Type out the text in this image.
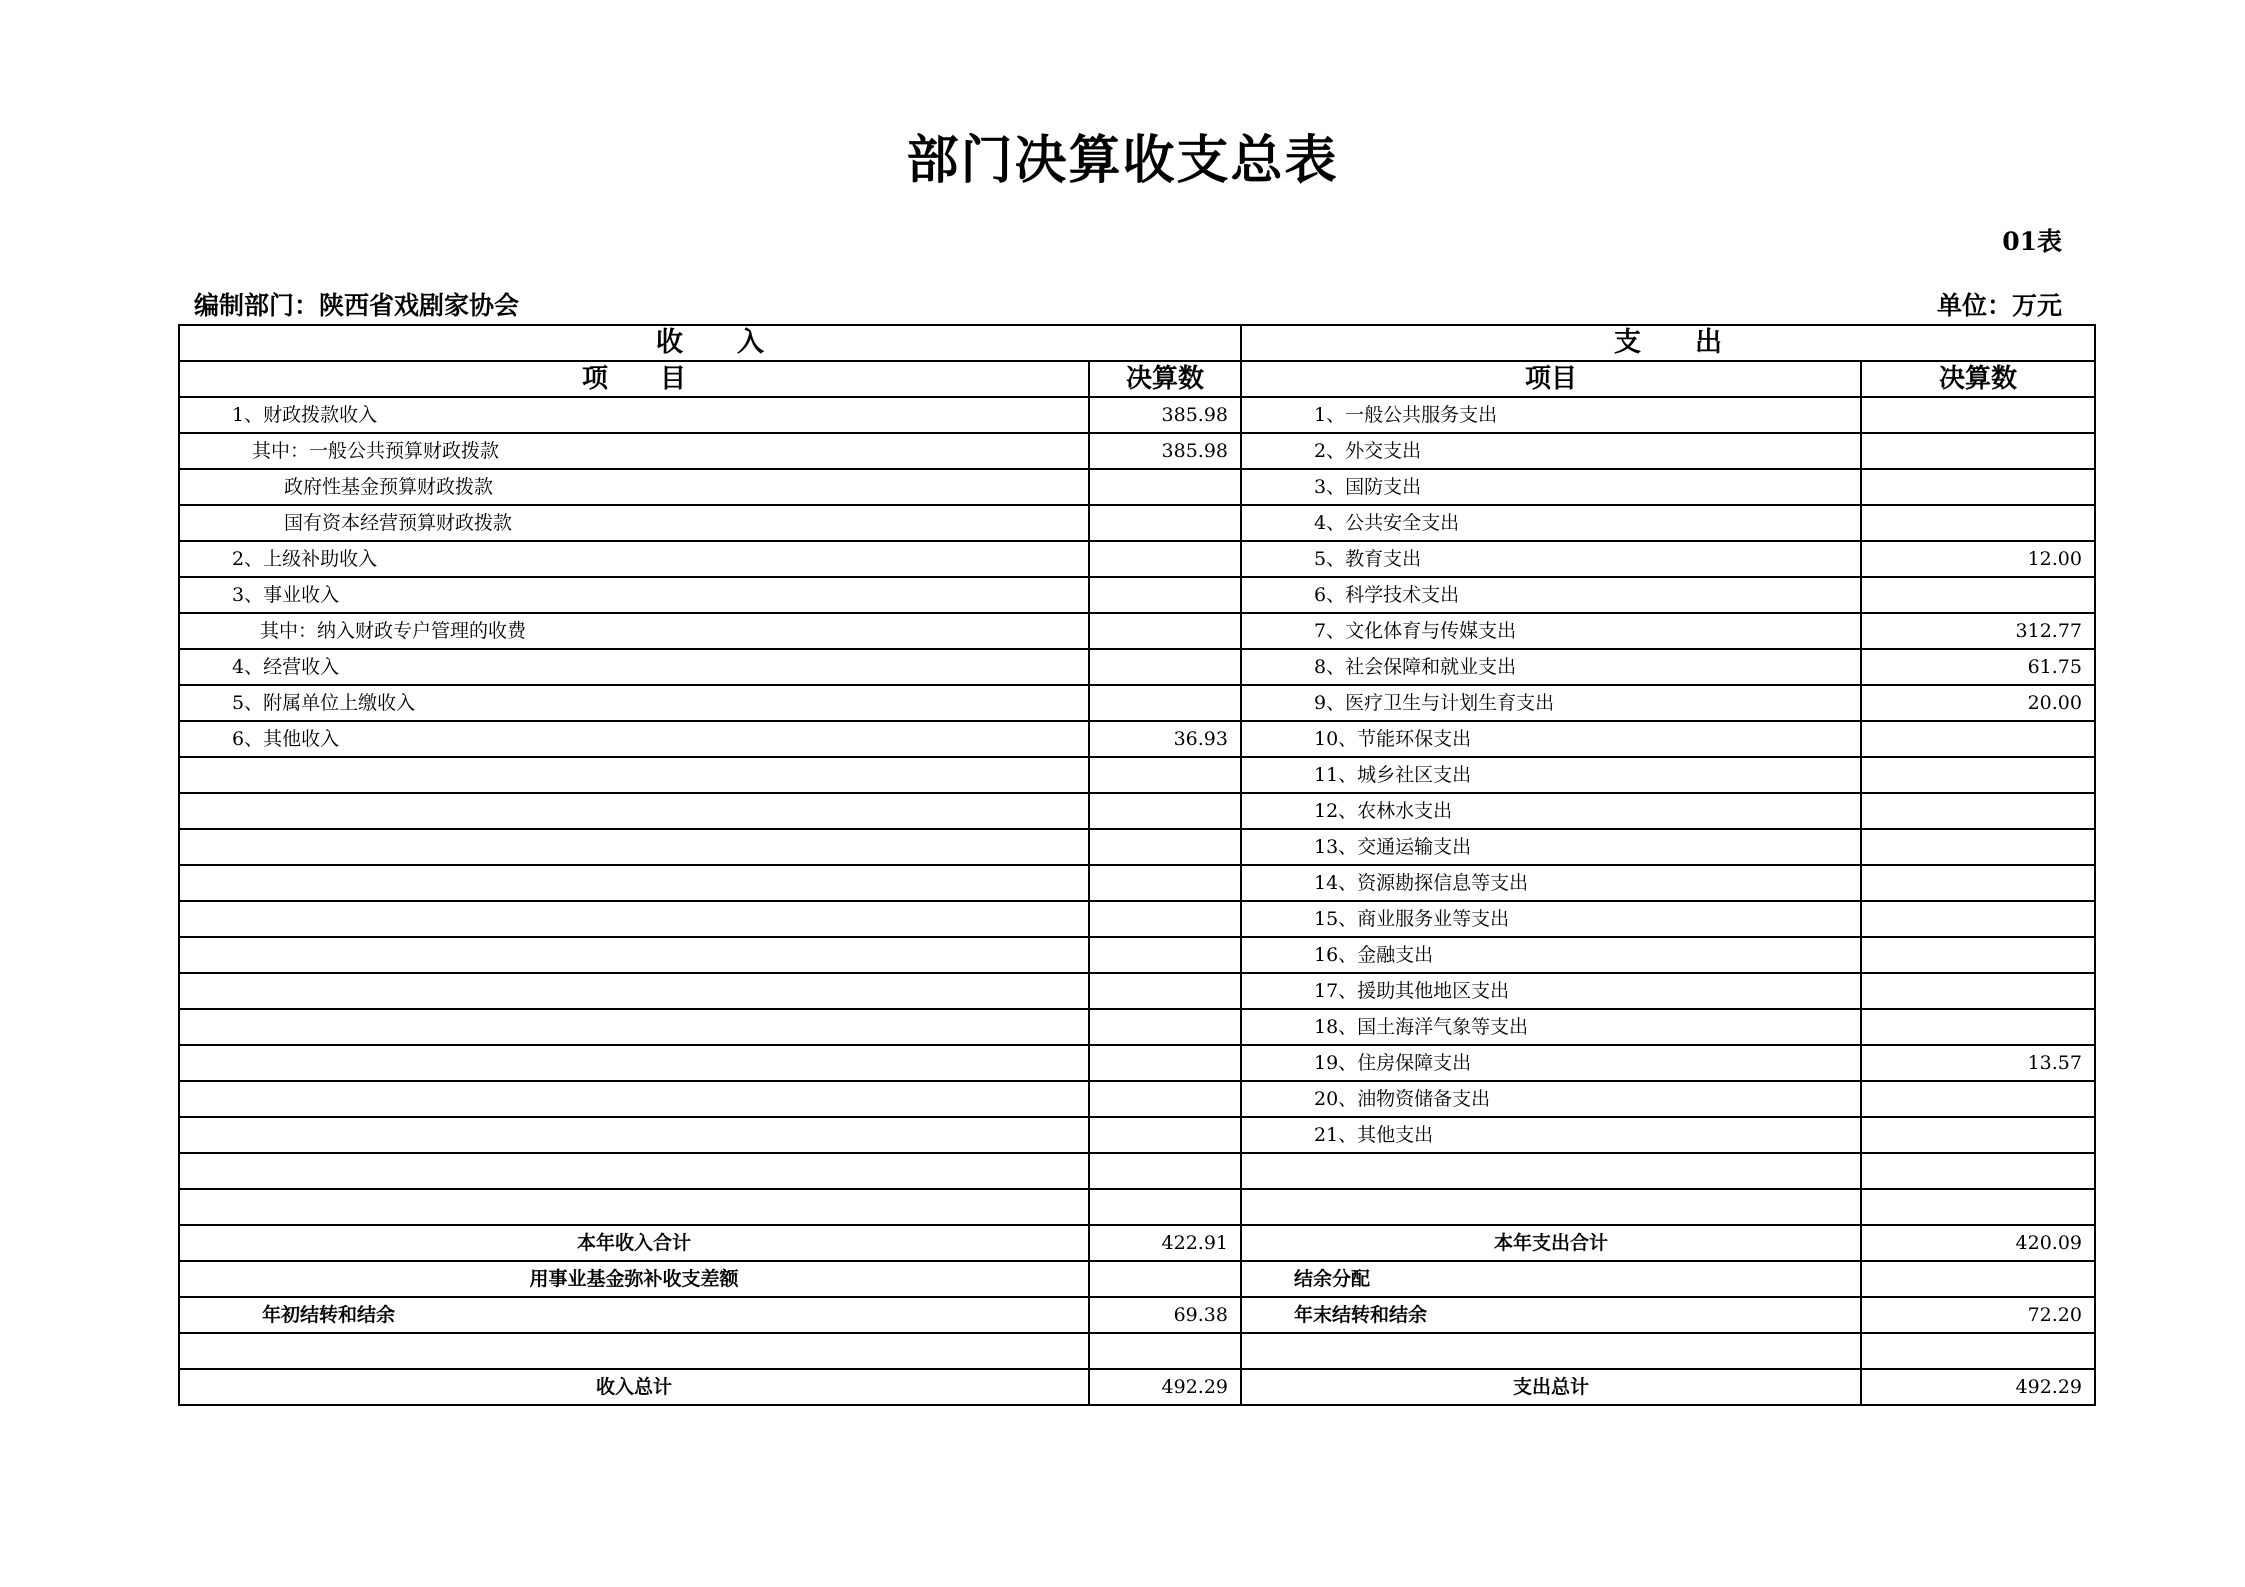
部门决算收支总表
01表
编制部门：陕西省戏剧家协会	单位：万元
收　　入		支　　出	
项　　目	决算数	项目	决算数
1、财政拨款收入	385.98	1、一般公共服务支出	
其中：一般公共预算财政拨款	385.98	2、外交支出	
政府性基金预算财政拨款		3、国防支出	
国有资本经营预算财政拨款		4、公共安全支出	
2、上级补助收入		5、教育支出	12.00
3、事业收入		6、科学技术支出	
其中：纳入财政专户管理的收费		7、文化体育与传媒支出	312.77
4、经营收入		8、社会保障和就业支出	61.75
5、附属单位上缴收入		9、医疗卫生与计划生育支出	20.00
6、其他收入	36.93	10、节能环保支出	
		11、城乡社区支出	
		12、农林水支出	
		13、交通运输支出	
		14、资源勘探信息等支出	
		15、商业服务业等支出	
		16、金融支出	
		17、援助其他地区支出	
		18、国土海洋气象等支出	
		19、住房保障支出	13.57
		20、油物资储备支出	
		21、其他支出	

本年收入合计	422.91	本年支出合计	420.09
用事业基金弥补收支差额		结余分配	
年初结转和结余	69.38	年末结转和结余	72.20

收入总计	492.29	支出总计	492.29
